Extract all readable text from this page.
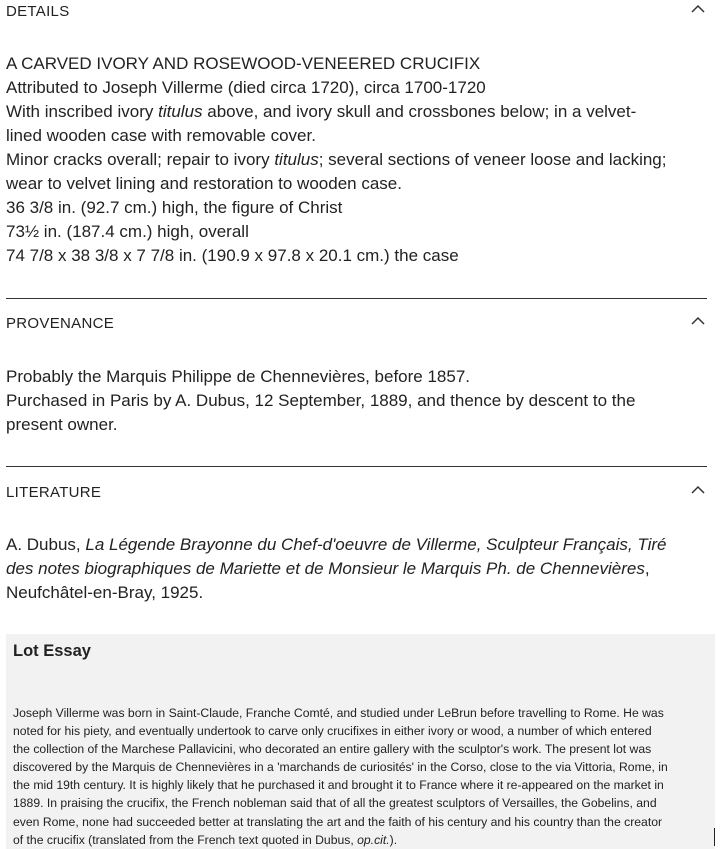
DETAILS

A CARVED IVORY AND ROSEWOOD-VENEERED CRUCIFIX

Attributed to Joseph Villerme (died circa 1720), circa 1700-1720

With inscribed ivory titulus above, and ivory skull and crossbones below; in a velvet-

lined wooden case with removable cover.

Minor cracks overall; repair to ivory titulus; several sections of veneer loose and lacking;

wear to velvet lining and restoration to wooden case.

36 3/8 in. (92.7 cm.) high, the figure of Christ

73½ in. (187.4 cm.) high, overall

74 7/8 x 38 3/8 x 7 7/8 in. (190.9 x 97.8 x 20.1 cm.) the case

PROVENANCE

Probably the Marquis Philippe de Chennevières, before 1857.

Purchased in Paris by A. Dubus, 12 September, 1889, and thence by descent to the

present owner.

LITERATURE

A. Dubus, La Légende Brayonne du Chef-d'oeuvre de Villerme, Sculpteur Français, Tiré

des notes biographiques de Mariette et de Monsieur le Marquis Ph. de Chennevières,

Neufchâtel-en-Bray, 1925.

Lot Essay
Joseph Villerme was born in Saint-Claude, Franche Comté, and studied under LeBrun before travelling to Rome. He was
noted for his piety, and eventually undertook to carve only crucifixes in either ivory or wood, a number of which entered
the collection of the Marchese Pallavicini, who decorated an entire gallery with the sculptor's work. The present lot was
discovered by the Marquis de Chennevières in a 'marchands de curiosités' in the Corso, close to the via Vittoria, Rome, in
the mid 19th century. It is highly likely that he purchased it and brought it to France where it re-appeared on the market in
1889. In praising the crucifix, the French nobleman said that of all the greatest sculptors of Versailles, the Gobelins, and
even Rome, none had succeeded better at translating the art and the faith of his century and his country than the creator
of the crucifix (translated from the French text quoted in Dubus, op.cit.).
